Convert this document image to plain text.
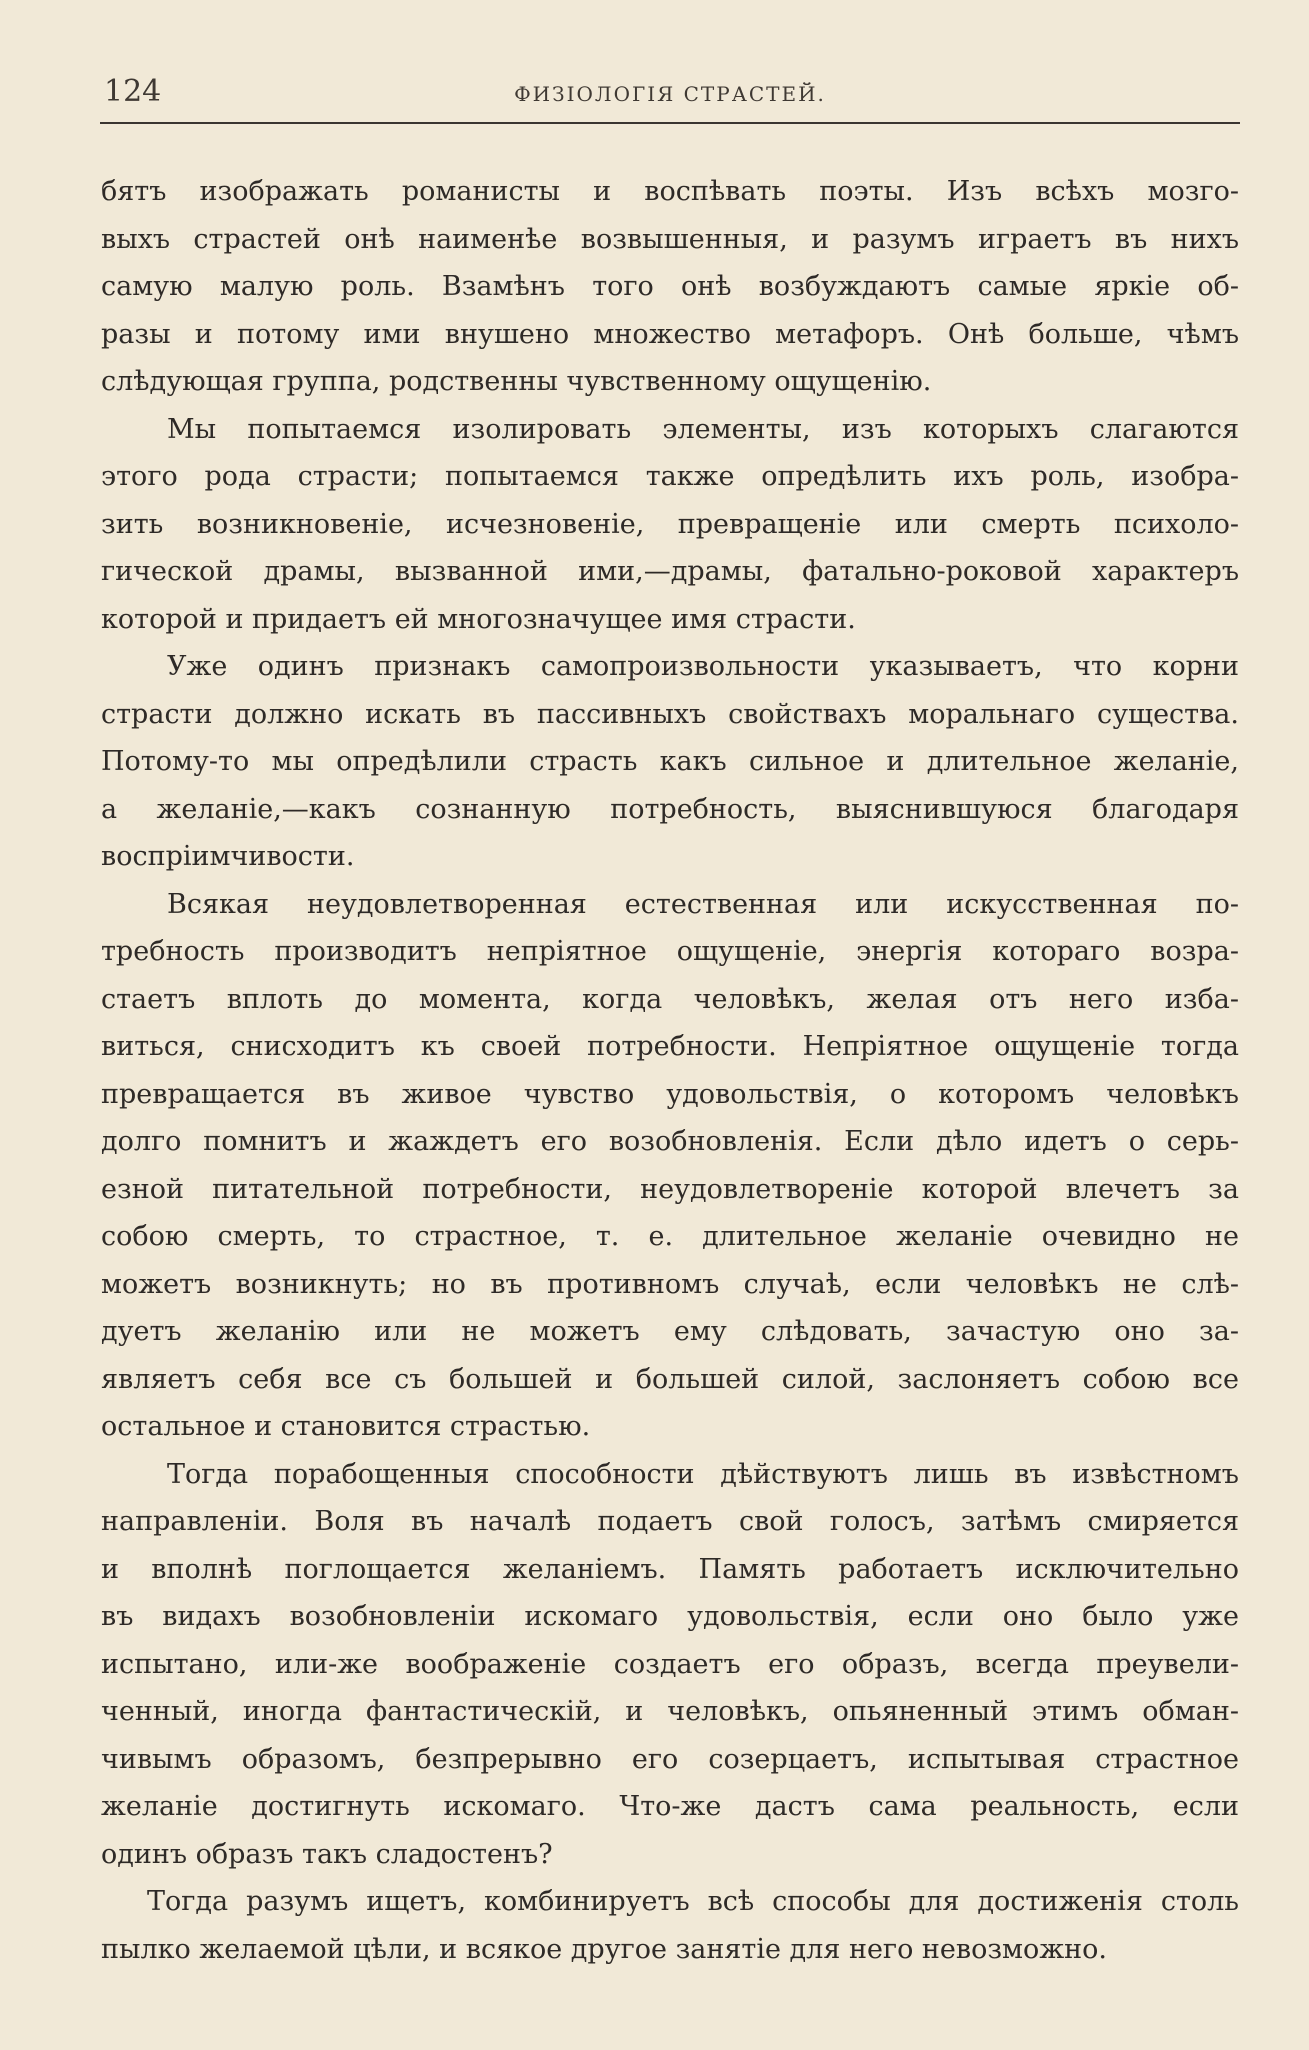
124	ФИЗІОЛОГІЯ СТРАСТЕЙ.
бятъ изображать романисты и воспѣвать поэты. Изъ всѣхъ мозго-
выхъ страстей онѣ наименѣе возвышенныя, и разумъ играетъ въ нихъ
самую малую роль. Взамѣнъ того онѣ возбуждаютъ самые яркіе об-
разы и потому ими внушено множество метафоръ. Онѣ больше, чѣмъ
слѣдующая группа, родственны чувственному ощущенію.
Мы попытаемся изолировать элементы, изъ которыхъ слагаются
этого рода страсти; попытаемся также опредѣлить ихъ роль, изобра-
зить возникновеніе, исчезновеніе, превращеніе или смерть психоло-
гической драмы, вызванной ими,—драмы, фатально-роковой характеръ
которой и придаетъ ей многозначущее имя страсти.
Уже одинъ признакъ самопроизвольности указываетъ, что корни
страсти должно искать въ пассивныхъ свойствахъ моральнаго существа.
Потому-то мы опредѣлили страсть какъ сильное и длительное желаніе,
а желаніе,—какъ сознанную потребность, выяснившуюся благодаря
воспріимчивости.
Всякая неудовлетворенная естественная или искусственная по-
требность производитъ непріятное ощущеніе, энергія котораго возра-
стаетъ вплоть до момента, когда человѣкъ, желая отъ него изба-
виться, снисходитъ къ своей потребности. Непріятное ощущеніе тогда
превращается въ живое чувство удовольствія, о которомъ человѣкъ
долго помнитъ и жаждетъ его возобновленія. Если дѣло идетъ о серь-
езной питательной потребности, неудовлетвореніе которой влечетъ за
собою смерть, то страстное, т. е. длительное желаніе очевидно не
можетъ возникнуть; но въ противномъ случаѣ, если человѣкъ не слѣ-
дуетъ желанію или не можетъ ему слѣдовать, зачастую оно за-
являетъ себя все съ большей и большей силой, заслоняетъ собою все
остальное и становится страстью.
Тогда порабощенныя способности дѣйствуютъ лишь въ извѣстномъ
направленіи. Воля въ началѣ подаетъ свой голосъ, затѣмъ смиряется
и вполнѣ поглощается желаніемъ. Память работаетъ исключительно
въ видахъ возобновленіи искомаго удовольствія, если оно было уже
испытано, или-же воображеніе создаетъ его образъ, всегда преувели-
ченный, иногда фантастическій, и человѣкъ, опьяненный этимъ обман-
чивымъ образомъ, безпрерывно его созерцаетъ, испытывая страстное
желаніе достигнуть искомаго. Что-же дастъ сама реальность, если
одинъ образъ такъ сладостенъ?
Тогда разумъ ищетъ, комбинируетъ всѣ способы для достиженія столь
пылко желаемой цѣли, и всякое другое занятіе для него невозможно.
